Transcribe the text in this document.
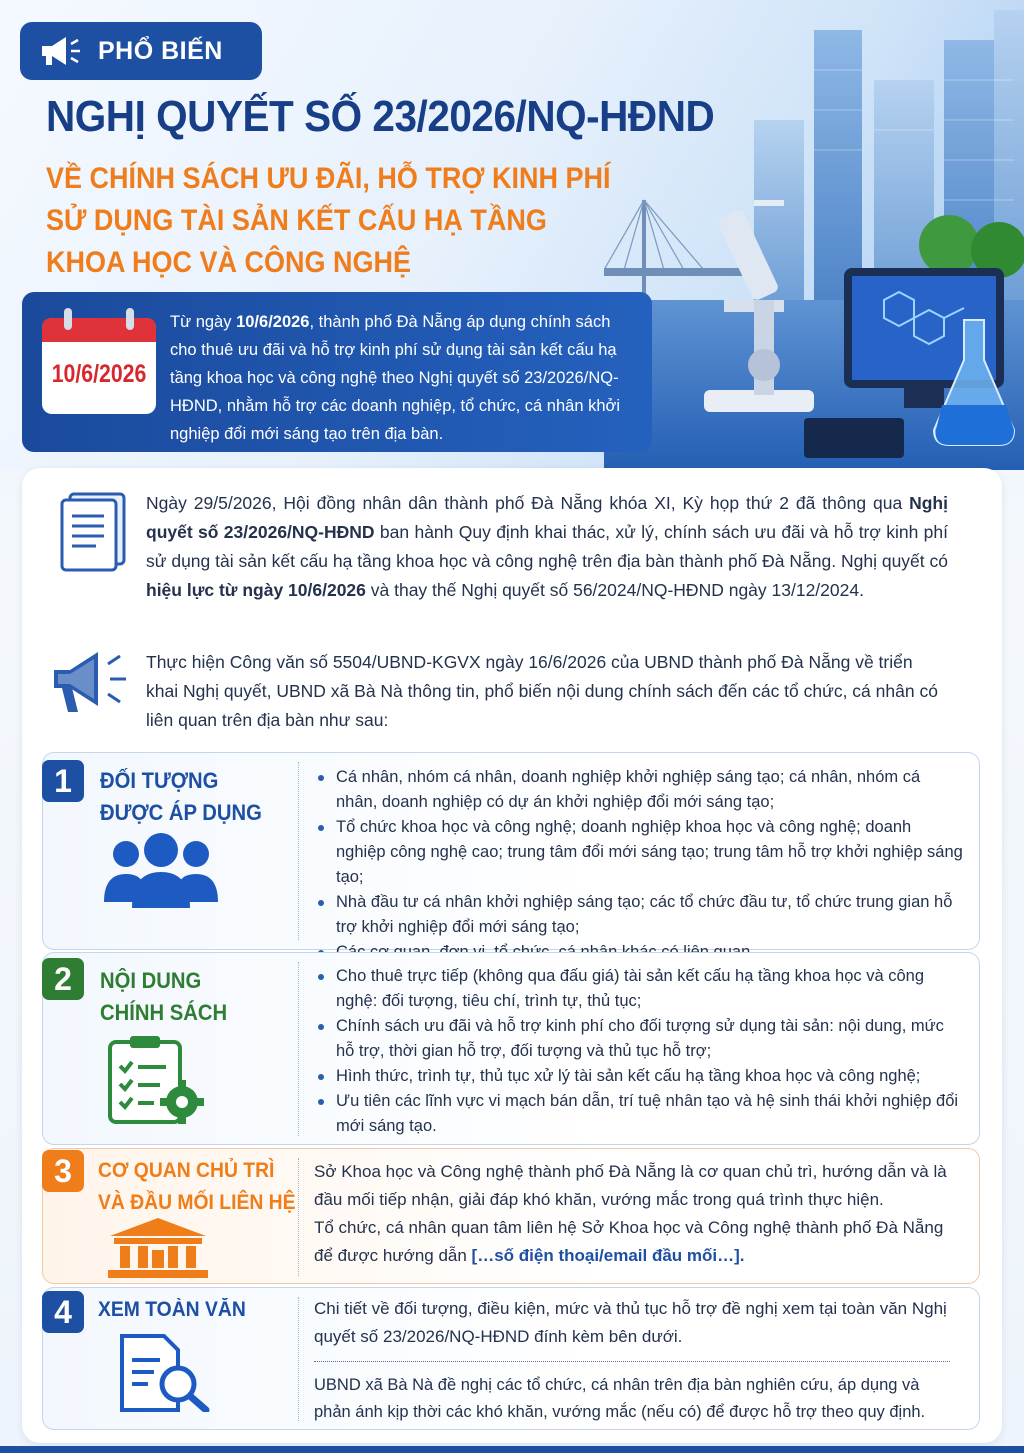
PHỔ BIẾN
NGHỊ QUYẾT SỐ 23/2026/NQ-HĐND
VỀ CHÍNH SÁCH ƯU ĐÃI, HỖ TRỢ KINH PHÍ
SỬ DỤNG TÀI SẢN KẾT CẤU HẠ TẦNG
KHOA HỌC VÀ CÔNG NGHỆ
10/6/2026

Từ ngày 10/6/2026, thành phố Đà Nẵng áp dụng chính sách cho thuê ưu đãi và hỗ trợ kinh phí sử dụng tài sản kết cấu hạ tầng khoa học và công nghệ theo Nghị quyết số 23/2026/NQ-HĐND, nhằm hỗ trợ các doanh nghiệp, tổ chức, cá nhân khởi nghiệp đổi mới sáng tạo trên địa bàn.

Ngày 29/5/2026, Hội đồng nhân dân thành phố Đà Nẵng khóa XI, Kỳ họp thứ 2 đã thông qua Nghị quyết số 23/2026/NQ-HĐND ban hành Quy định khai thác, xử lý, chính sách ưu đãi và hỗ trợ kinh phí sử dụng tài sản kết cấu hạ tầng khoa học và công nghệ trên địa bàn thành phố Đà Nẵng. Nghị quyết có hiệu lực từ ngày 10/6/2026 và thay thế Nghị quyết số 56/2024/NQ-HĐND ngày 13/12/2024.

Thực hiện Công văn số 5504/UBND-KGVX ngày 16/6/2026 của UBND thành phố Đà Nẵng về triển khai Nghị quyết, UBND xã Bà Nà thông tin, phổ biến nội dung chính sách đến các tổ chức, cá nhân có liên quan trên địa bàn như sau:

1	ĐỐI TƯỢNG
ĐƯỢC ÁP DỤNG
Cá nhân, nhóm cá nhân, doanh nghiệp khởi nghiệp sáng tạo; cá nhân, nhóm cá nhân, doanh nghiệp có dự án khởi nghiệp đổi mới sáng tạo;
Tổ chức khoa học và công nghệ; doanh nghiệp khoa học và công nghệ; doanh nghiệp công nghệ cao; trung tâm đổi mới sáng tạo; trung tâm hỗ trợ khởi nghiệp sáng tạo;
Nhà đầu tư cá nhân khởi nghiệp sáng tạo; các tổ chức đầu tư, tổ chức trung gian hỗ trợ khởi nghiệp đổi mới sáng tạo;
2	NỘI DUNG
CHÍNH SÁCH
Cho thuê trực tiếp (không qua đấu giá) tài sản kết cấu hạ tầng khoa học và công nghệ: đối tượng, tiêu chí, trình tự, thủ tục;
Chính sách ưu đãi và hỗ trợ kinh phí cho đối tượng sử dụng tài sản: nội dung, mức hỗ trợ, thời gian hỗ trợ, đối tượng và thủ tục hỗ trợ;
Hình thức, trình tự, thủ tục xử lý tài sản kết cấu hạ tầng khoa học và công nghệ;
Ưu tiên các lĩnh vực vi mạch bán dẫn, trí tuệ nhân tạo và hệ sinh thái khởi nghiệp đổi mới sáng tạo.
3	CƠ QUAN CHỦ TRÌ
VÀ ĐẦU MỐI LIÊN HỆ

Sở Khoa học và Công nghệ thành phố Đà Nẵng là cơ quan chủ trì, hướng dẫn và là đầu mối tiếp nhận, giải đáp khó khăn, vướng mắc trong quá trình thực hiện.

Tổ chức, cá nhân quan tâm liên hệ Sở Khoa học và Công nghệ thành phố Đà Nẵng để được hướng dẫn […số điện thoại/email đầu mối…].

4	XEM TOÀN VĂN	Chi tiết về đối tượng, điều kiện, mức và thủ tục hỗ trợ đề nghị xem tại toàn văn Nghị quyết số 23/2026/NQ-HĐND đính kèm bên dưới.

UBND xã Bà Nà đề nghị các tổ chức, cá nhân trên địa bàn nghiên cứu, áp dụng và phản ánh kịp thời các khó khăn, vướng mắc (nếu có) để được hỗ trợ theo quy định.
